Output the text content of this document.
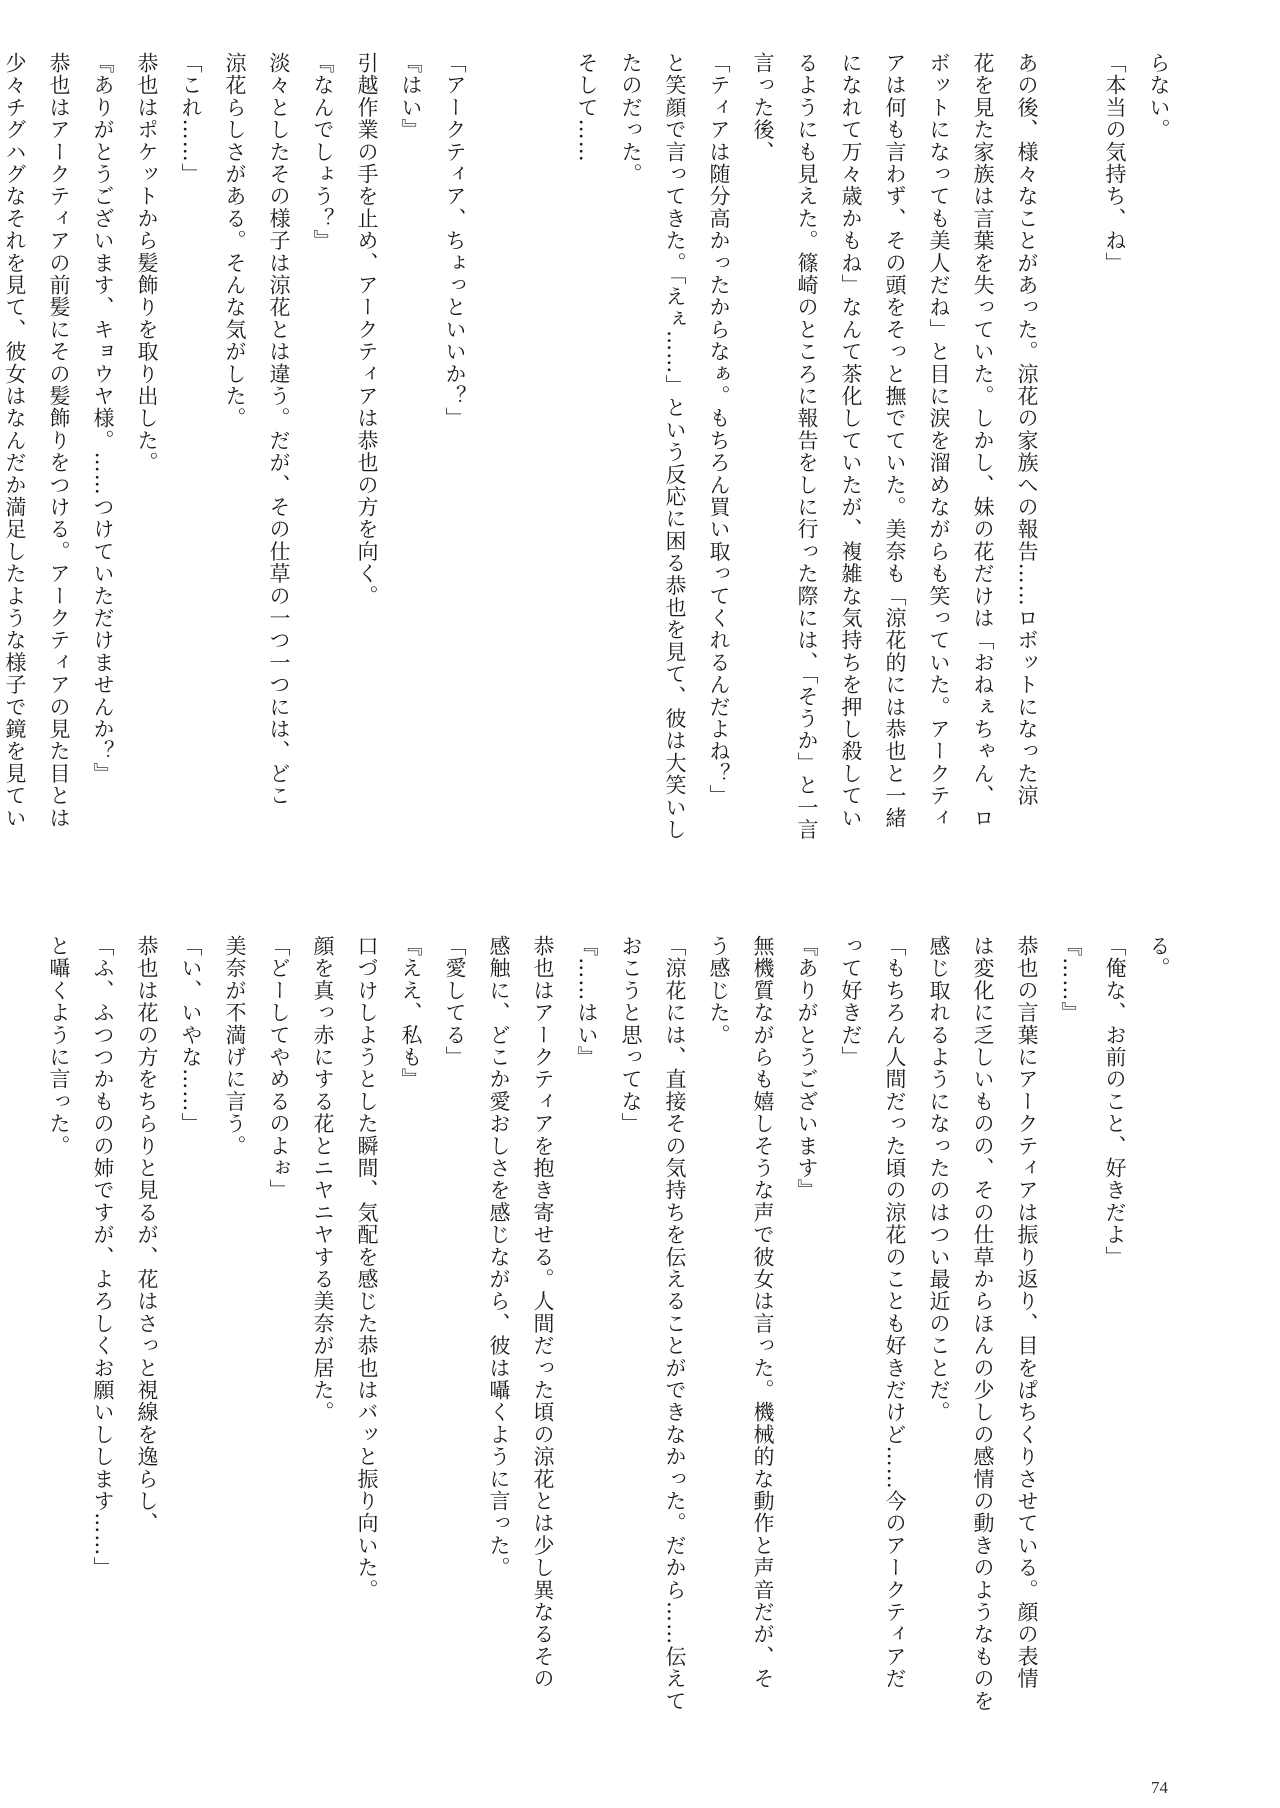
らない。
「本当の気持ち、ね」

あの後、様々なことがあった。涼花の家族への報告……ロボットになった涼
花を見た家族は言葉を失っていた。しかし、妹の花だけは「おねぇちゃん、ロ
ボットになっても美人だね」と目に涙を溜めながらも笑っていた。アークティ
アは何も言わず、その頭をそっと撫でていた。美奈も「涼花的には恭也と一緒
になれて万々歳かもね」なんて茶化していたが、複雑な気持ちを押し殺してい
るようにも見えた。篠崎のところに報告をしに行った際には、「そうか」と一言
言った後、
「ティアは随分高かったからなぁ。もちろん買い取ってくれるんだよね？」
と笑顔で言ってきた。「えぇ……」という反応に困る恭也を見て、彼は大笑いし
たのだった。
そして……

「アークティア、ちょっといいか？」
『はい』
引越作業の手を止め、アークティアは恭也の方を向く。
『なんでしょう？』
淡々としたその様子は涼花とは違う。だが、その仕草の一つ一つには、どこ
涼花らしさがある。そんな気がした。
「これ……」
恭也はポケットから髪飾りを取り出した。
『ありがとうございます、キョウヤ様。……つけていただけませんか？』
恭也はアークティアの前髪にその髪飾りをつける。アークティアの見た目とは
少々チグハグなそれを見て、彼女はなんだか満足したような様子で鏡を見てい
る。
「俺な、お前のこと、好きだよ」
『……』
恭也の言葉にアークティアは振り返り、目をぱちくりさせている。顔の表情
は変化に乏しいものの、その仕草からほんの少しの感情の動きのようなものを
感じ取れるようになったのはつい最近のことだ。
「もちろん人間だった頃の涼花のことも好きだけど……今のアークティアだ
って好きだ」
『ありがとうございます』
無機質ながらも嬉しそうな声で彼女は言った。機械的な動作と声音だが、そ
う感じた。
「涼花には、直接その気持ちを伝えることができなかった。だから……伝えて
おこうと思ってな」
『……はい』
恭也はアークティアを抱き寄せる。人間だった頃の涼花とは少し異なるその
感触に、どこか愛おしさを感じながら、彼は囁くように言った。
「愛してる」
『ええ、私も』
口づけしようとした瞬間、気配を感じた恭也はバッと振り向いた。
顔を真っ赤にする花とニヤニヤする美奈が居た。
「どーしてやめるのよぉ」
美奈が不満げに言う。
「い、いやな……」
恭也は花の方をちらりと見るが、花はさっと視線を逸らし、
「ふ、ふつつかものの姉ですが、よろしくお願いしします……」
と囁くように言った。
74
